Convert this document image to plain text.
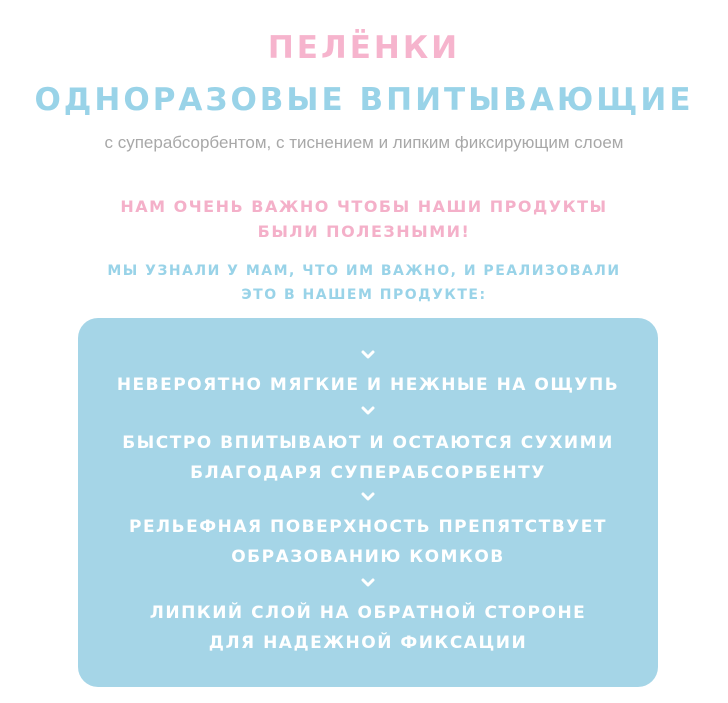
ПЕЛЁНКИ
ОДНОРАЗОВЫЕ ВПИТЫВАЮЩИЕ
с суперабсорбентом, с тиснением и липким фиксирующим слоем
НАМ ОЧЕНЬ ВАЖНО ЧТОБЫ НАШИ ПРОДУКТЫ
БЫЛИ ПОЛЕЗНЫМИ!
МЫ УЗНАЛИ У МАМ, ЧТО ИМ ВАЖНО, И РЕАЛИЗОВАЛИ
ЭТО В НАШЕМ ПРОДУКТЕ:
НЕВЕРОЯТНО МЯГКИЕ И НЕЖНЫЕ НА ОЩУПЬ
БЫСТРО ВПИТЫВАЮТ И ОСТАЮТСЯ СУХИМИ
БЛАГОДАРЯ СУПЕРАБСОРБЕНТУ
РЕЛЬЕФНАЯ ПОВЕРХНОСТЬ ПРЕПЯТСТВУЕТ
ОБРАЗОВАНИЮ КОМКОВ
ЛИПКИЙ СЛОЙ НА ОБРАТНОЙ СТОРОНЕ
ДЛЯ НАДЕЖНОЙ ФИКСАЦИИ
